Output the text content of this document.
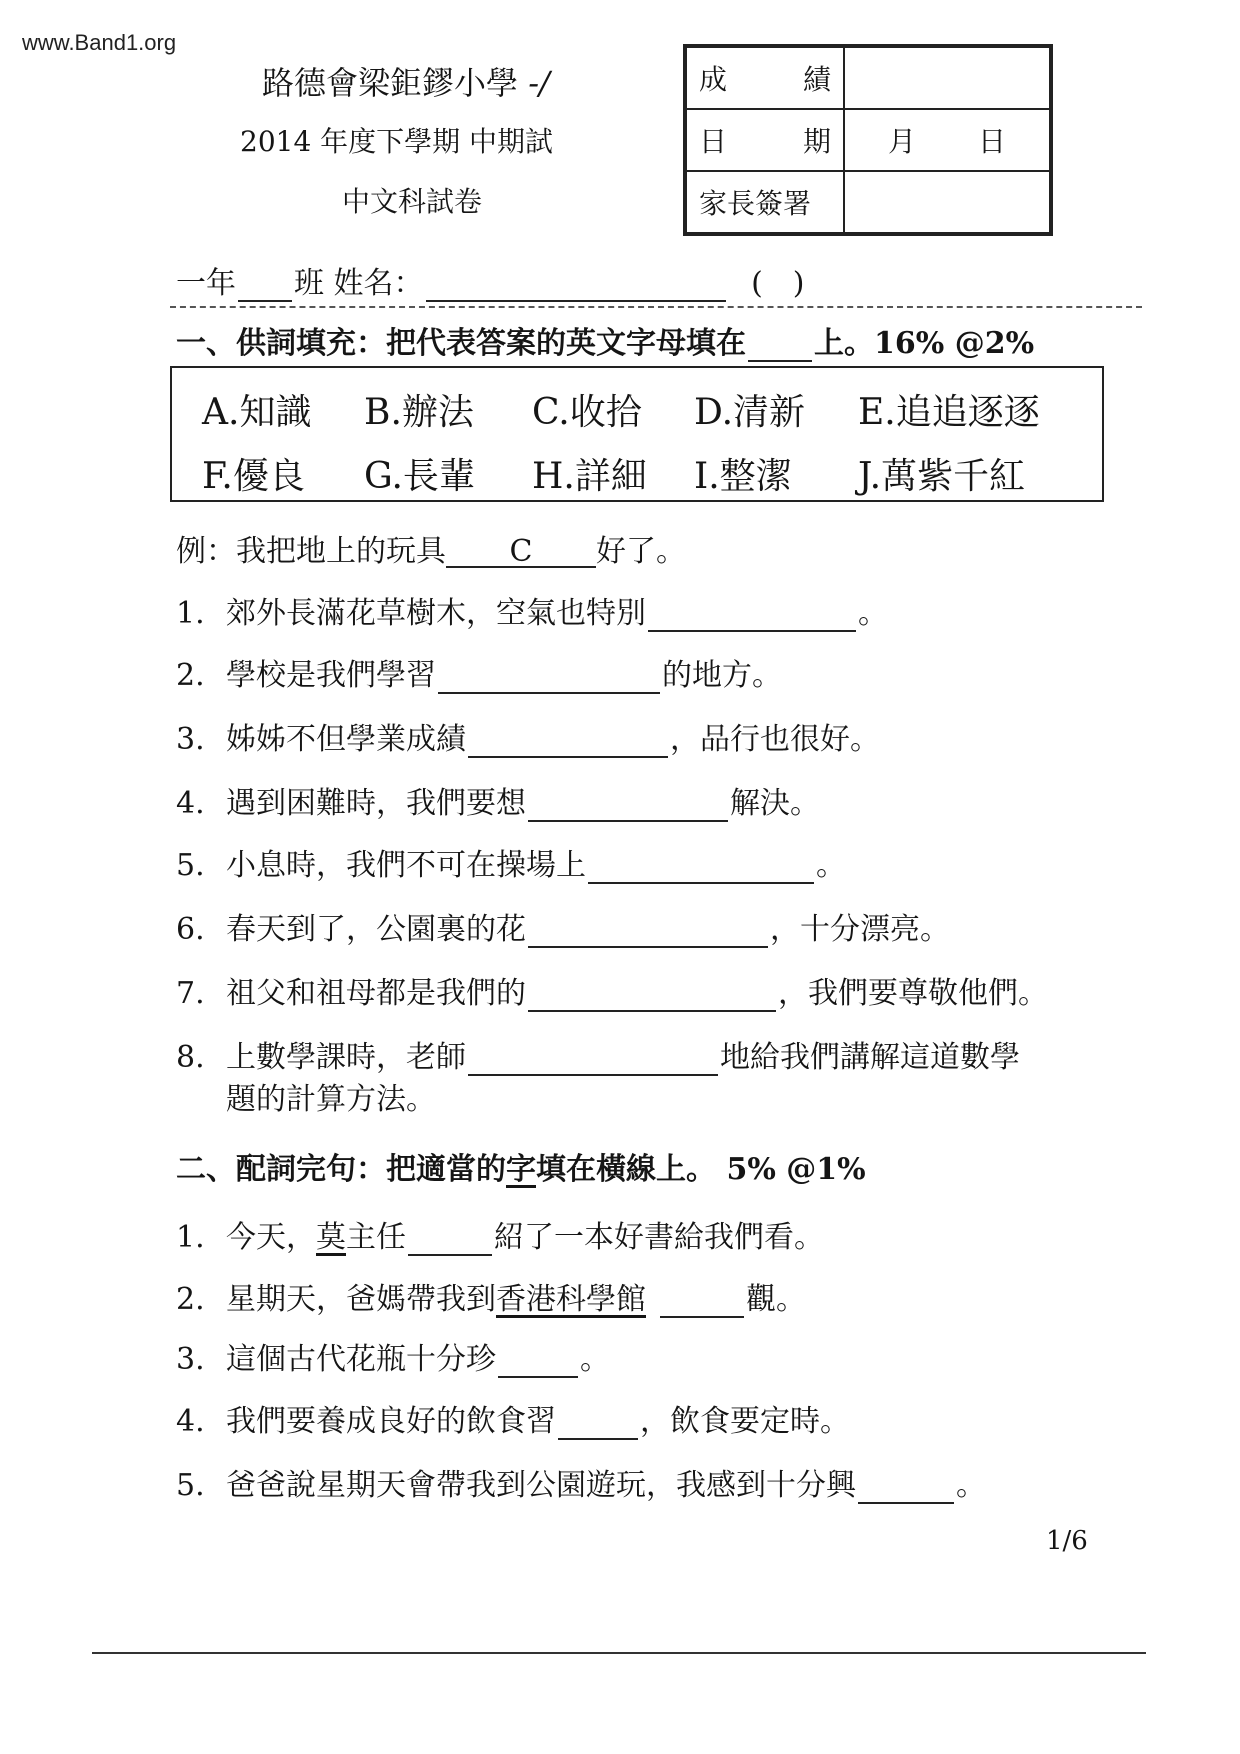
www.Band1.org
路德會梁鉅鏐小學 -/
2014 年度下學期 中期試
中文科試卷
成 績	

日 期	月 日

家長簽署	
一年 班 姓名：	(　)
一、供詞填充：把代表答案的英文字母填在 上。16% @2%
A.知識 B.辦法 C.收拾 D.清新 E.追追逐逐
F.優良 G.長輩 H.詳細 I.整潔 J.萬紫千紅
例：我把地上的玩具 C 好了。
1. 郊外長滿花草樹木，空氣也特別	。
2. 學校是我們學習	的地方。
3. 姊姊不但學業成績	，品行也很好。
4. 遇到困難時，我們要想	解決。
5. 小息時，我們不可在操場上	。
6. 春天到了，公園裏的花	，十分漂亮。
7. 祖父和祖母都是我們的	，我們要尊敬他們。
8. 上數學課時，老師	地給我們講解這道數學
題的計算方法。
二、配詞完句：把適當的字填在橫線上。 5% @1%
1. 今天，莫主任	紹了一本好書給我們看。
2. 星期天，爸媽帶我到香港科學館	觀。
3. 這個古代花瓶十分珍	。
4. 我們要養成良好的飲食習	，飲食要定時。
5. 爸爸說星期天會帶我到公園遊玩，我感到十分興	。
1/6
